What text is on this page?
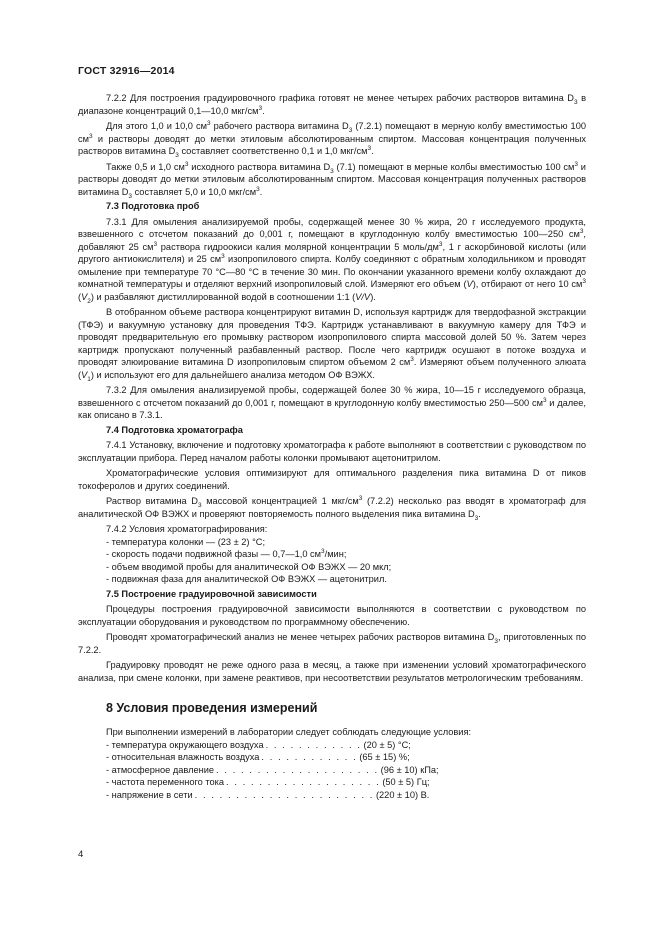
ГОСТ 32916—2014

7.2.2 Для построения градуировочного графика готовят не менее четырех рабочих растворов витамина $D_3$ в диапазоне концентраций 0,1—10,0 мкг/$см^3$.

Для этого 1,0 и 10,0 $см^3$ рабочего раствора витамина $D_3$ (7.2.1) помещают в мерную колбу вместимостью 100 $см^3$ и растворы доводят до метки этиловым абсолютированным спиртом. Массовая концентрация полученных растворов витамина $D_3$ составляет соответственно 0,1 и 1,0 мкг/$см^3$.

Также 0,5 и 1,0 $см^3$ исходного раствора витамина $D_3$ (7.1) помещают в мерные колбы вместимостью 100 $см^3$ и растворы доводят до метки этиловым абсолютированным спиртом. Массовая концентрация полученных растворов витамина $D_3$ составляет 5,0 и 10,0 мкг/$см^3$.

7.3 Подготовка проб

7.3.1 Для омыления анализируемой пробы, содержащей менее 30 % жира, 20 г исследуемого продукта, взвешенного с отсчетом показаний до 0,001 г, помещают в круглодонную колбу вместимостью 100—250 $см^3$, добавляют 25 $см^3$ раствора гидроокиси калия молярной концентрации 5 моль/$дм^3$, 1 г аскорбиновой кислоты (или другого антиокислителя) и 25 $см^3$ изопропилового спирта. Колбу соединяют с обратным холодильником и проводят омыление при температуре 70 °С—80 °С в течение 30 мин. По окончании указанного времени колбу охлаждают до комнатной температуры и отделяют верхний изопропиловый слой. Измеряют его объем (V), отбирают от него 10 $см^3$ $(V_2)$ и разбавляют дистиллированной водой в соотношении 1:1 (V/V).

В отобранном объеме раствора концентрируют витамин D, используя картридж для твердофазной экстракции (ТФЭ) и вакуумную установку для проведения ТФЭ. Картридж устанавливают в вакуумную камеру для ТФЭ и проводят предварительную его промывку раствором изопропилового спирта массовой долей 50 %. Затем через картридж пропускают полученный разбавленный раствор. После чего картридж осушают в потоке воздуха и проводят элюирование витамина D изопропиловым спиртом объемом 2 $см^3$. Измеряют объем полученного элюата $(V_1)$ и используют его для дальнейшего анализа методом ОФ ВЭЖХ.

7.3.2 Для омыления анализируемой пробы, содержащей более 30 % жира, 10—15 г исследуемого образца, взвешенного с отсчетом показаний до 0,001 г, помещают в круглодонную колбу вместимостью 250—500 $см^3$ и далее, как описано в 7.3.1.

7.4 Подготовка хроматографа

7.4.1 Установку, включение и подготовку хроматографа к работе выполняют в соответствии с руководством по эксплуатации прибора. Перед началом работы колонки промывают ацетонитрилом.

Хроматографические условия оптимизируют для оптимального разделения пика витамина D от пиков токоферолов и других соединений.

Раствор витамина $D_3$ массовой концентрацией 1 мкг/$см^3$ (7.2.2) несколько раз вводят в хроматограф для аналитической ОФ ВЭЖХ и проверяют повторяемость полного выделения пика витамина $D_3$.

7.4.2 Условия хроматографирования:

- температура колонки — (23 ± 2) °С;

- скорость подачи подвижной фазы — 0,7—1,0 $см^3$/мин;

- объем вводимой пробы для аналитической ОФ ВЭЖХ — 20 мкл;

- подвижная фаза для аналитической ОФ ВЭЖХ — ацетонитрил.

7.5 Построение градуировочной зависимости

Процедуры построения градуировочной зависимости выполняются в соответствии с руководством по эксплуатации оборудования и руководством по программному обеспечению.

Проводят хроматографический анализ не менее четырех рабочих растворов витамина $D_3$, приготовленных по 7.2.2.

Градуировку проводят не реже одного раза в месяц, а также при изменении условий хроматографического анализа, при смене колонки, при замене реактивов, при несоответствии результатов метрологическим требованиям.

8 Условия проведения измерений

При выполнении измерений в лаборатории следует соблюдать следующие условия:

- температура окружающего воздуха . . . . . . . . . . . . (20 ± 5) °С;
- относительная влажность воздуха . . . . . . . . . . . . (65 ± 15) %;
- атмосферное давление . . . . . . . . . . . . . . . . . . . . (96 ± 10) кПа;
- частота переменного тока . . . . . . . . . . . . . . . . . . . (50 ± 5) Гц;
- напряжение в сети . . . . . . . . . . . . . . . . . . . . . . (220 ± 10) В.
4
